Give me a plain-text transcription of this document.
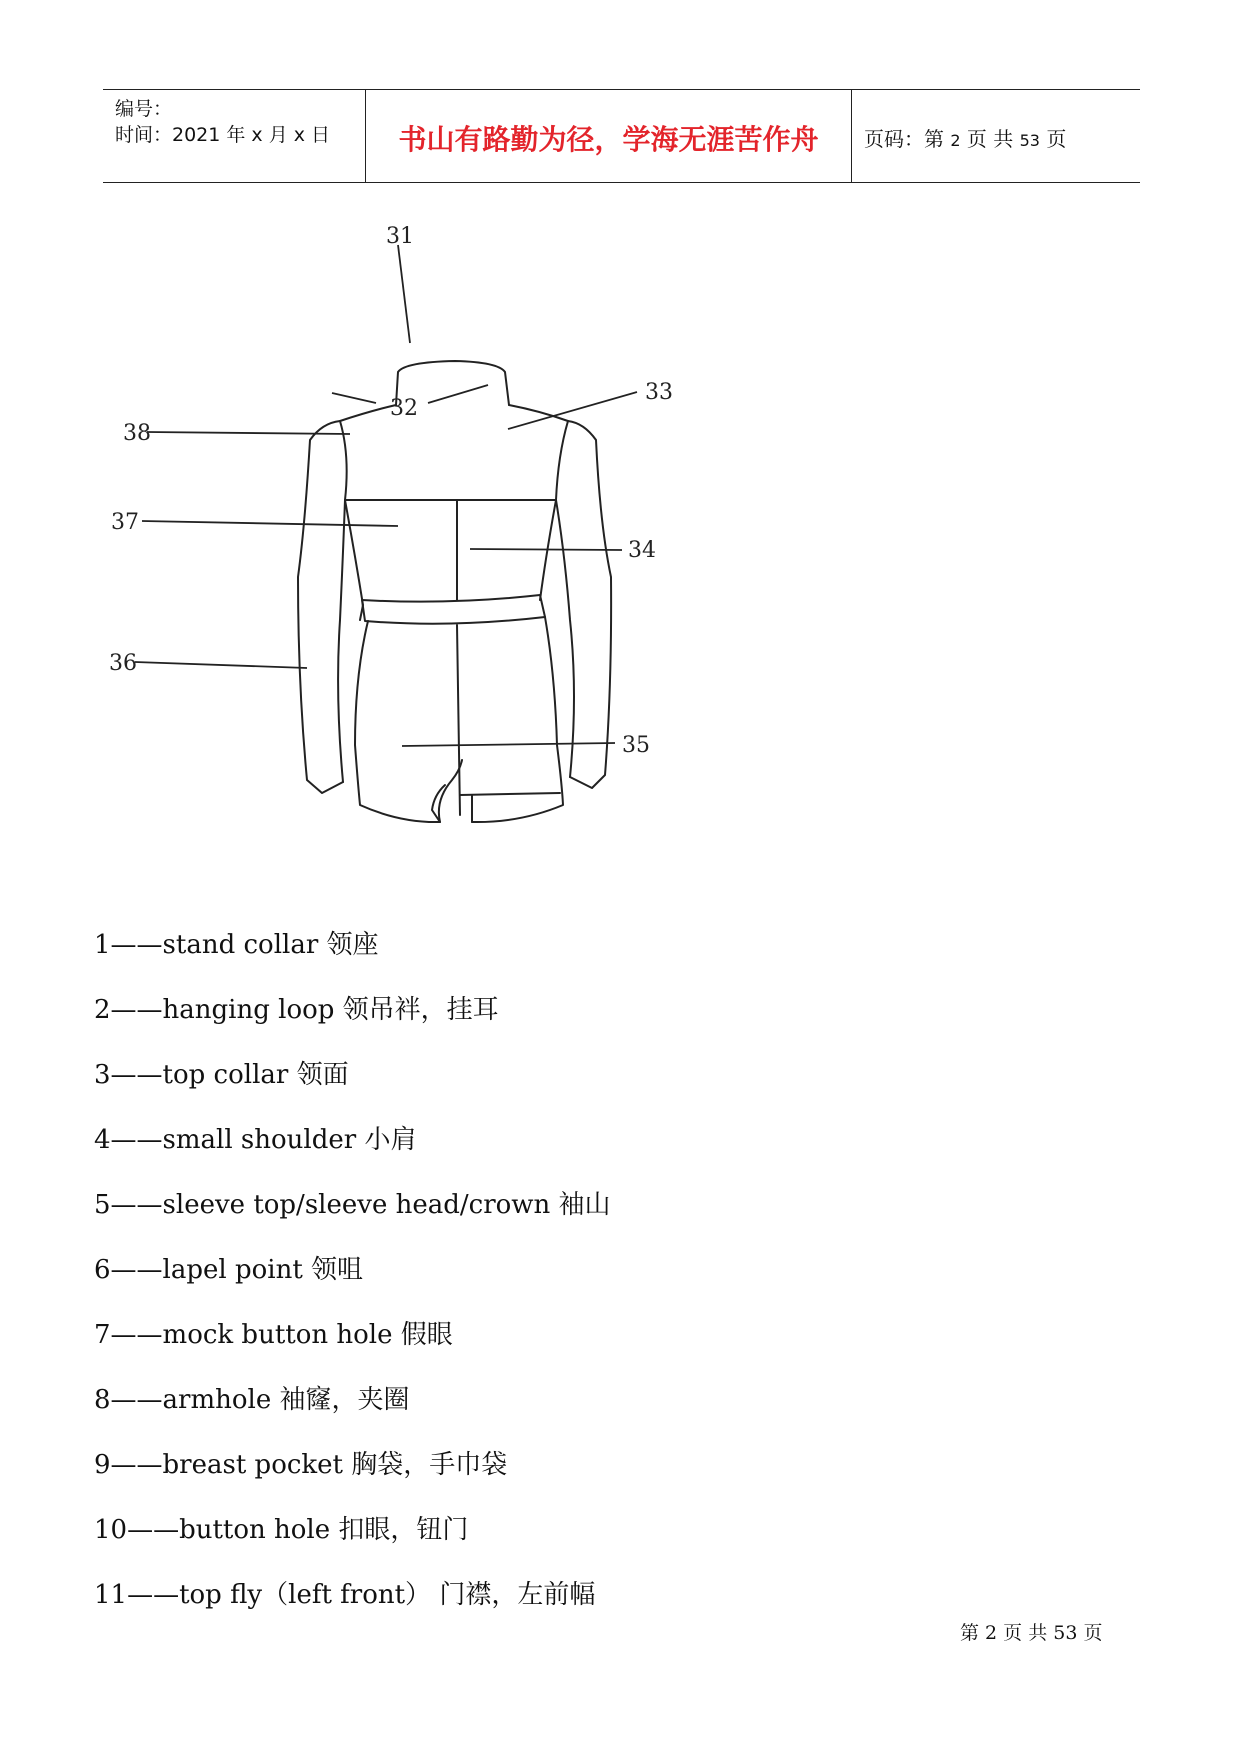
编号：
时间：2021 年 x 月 x 日	书山有路勤为径，学海无涯苦作舟	页码：第 2 页 共 53 页
31
32
33
34
35
36
37
38
1——stand collar 领座
2——hanging loop 领吊袢，挂耳
3——top collar 领面
4——small shoulder 小肩
5——sleeve top/sleeve head/crown 袖山
6——lapel point 领咀
7——mock button hole 假眼
8——armhole 袖窿，夹圈
9——breast pocket 胸袋，手巾袋
10——button hole 扣眼，钮门
11——top fly（left front） 门襟，左前幅
第 2 页 共 53 页
